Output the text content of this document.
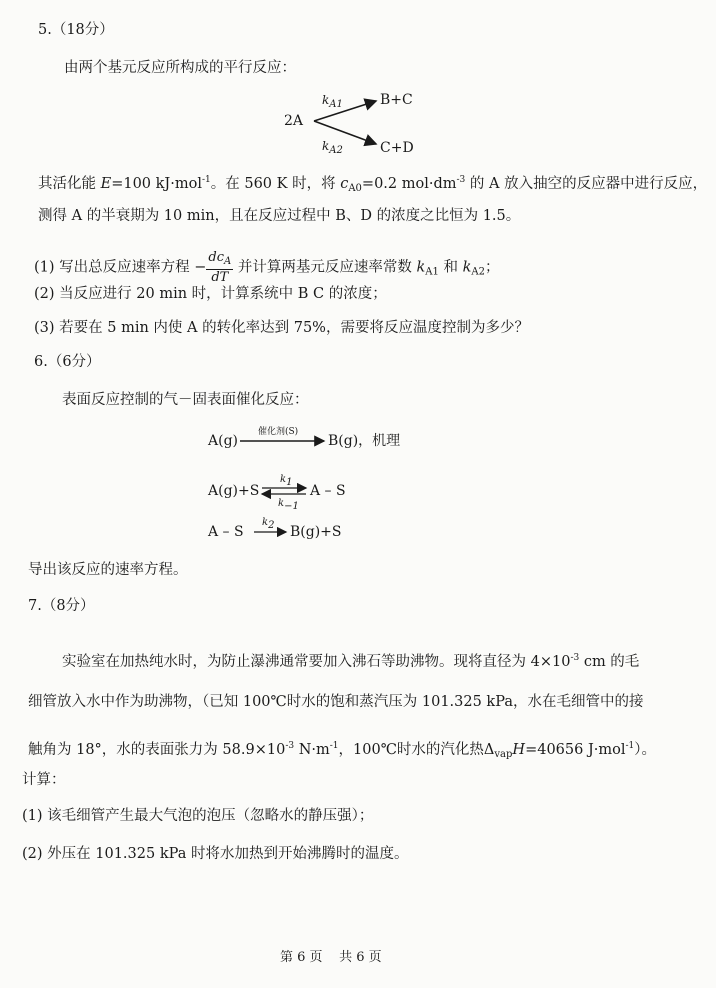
5.（18分）
由两个基元反应所构成的平行反应：
2A
$k_{A1}$
$k_{A2}$
B+C
C+D
其活化能 E=100 kJ·mol$^{-1}$。在 560 K 时，将 $c_{A0}=0.2$ $mol\cdot dm^{-3}$ 的 A 放入抽空的反应器中进行反应，
测得 A 的半衰期为 10 min，且在反应过程中 B、D 的浓度之比恒为 1.5。
(1) 写出总反应速率方程 − $\frac{dc_A}{dT}$ 并计算两基元反应速率常数 $k_{A1}$ 和 $k_{A2}$；
(2) 当反应进行 20 min 时，计算系统中 B C 的浓度；
(3) 若要在 5 min 内使 A 的转化率达到 75%，需要将反应温度控制为多少？
6.（6分）
表面反应控制的气－固表面催化反应：
A(g)
催化剂(S)
B(g)，机理
A(g)+S
k1
k−1
A – S
A – S
k2 B(g)+S
导出该反应的速率方程。
7.（8分）
实验室在加热纯水时，为防止瀑沸通常要加入沸石等助沸物。现将直径为 $4\times 10^{-3}$ cm 的毛
细管放入水中作为助沸物，（已知 100℃时水的饱和蒸汽压为 101.325 kPa，水在毛细管中的接
触角为 18°，水的表面张力为 $58.9\times 10^{-3}$ $N\cdot m^{-1}$，100℃时水的汽化热$\Delta_{vap}H=40656$ J·mol$^{-1}$）。
计算：
(1) 该毛细管产生最大气泡的泡压（忽略水的静压强）；
(2) 外压在 101.325 kPa 时将水加热到开始沸腾时的温度。
第 6 页 共 6 页
